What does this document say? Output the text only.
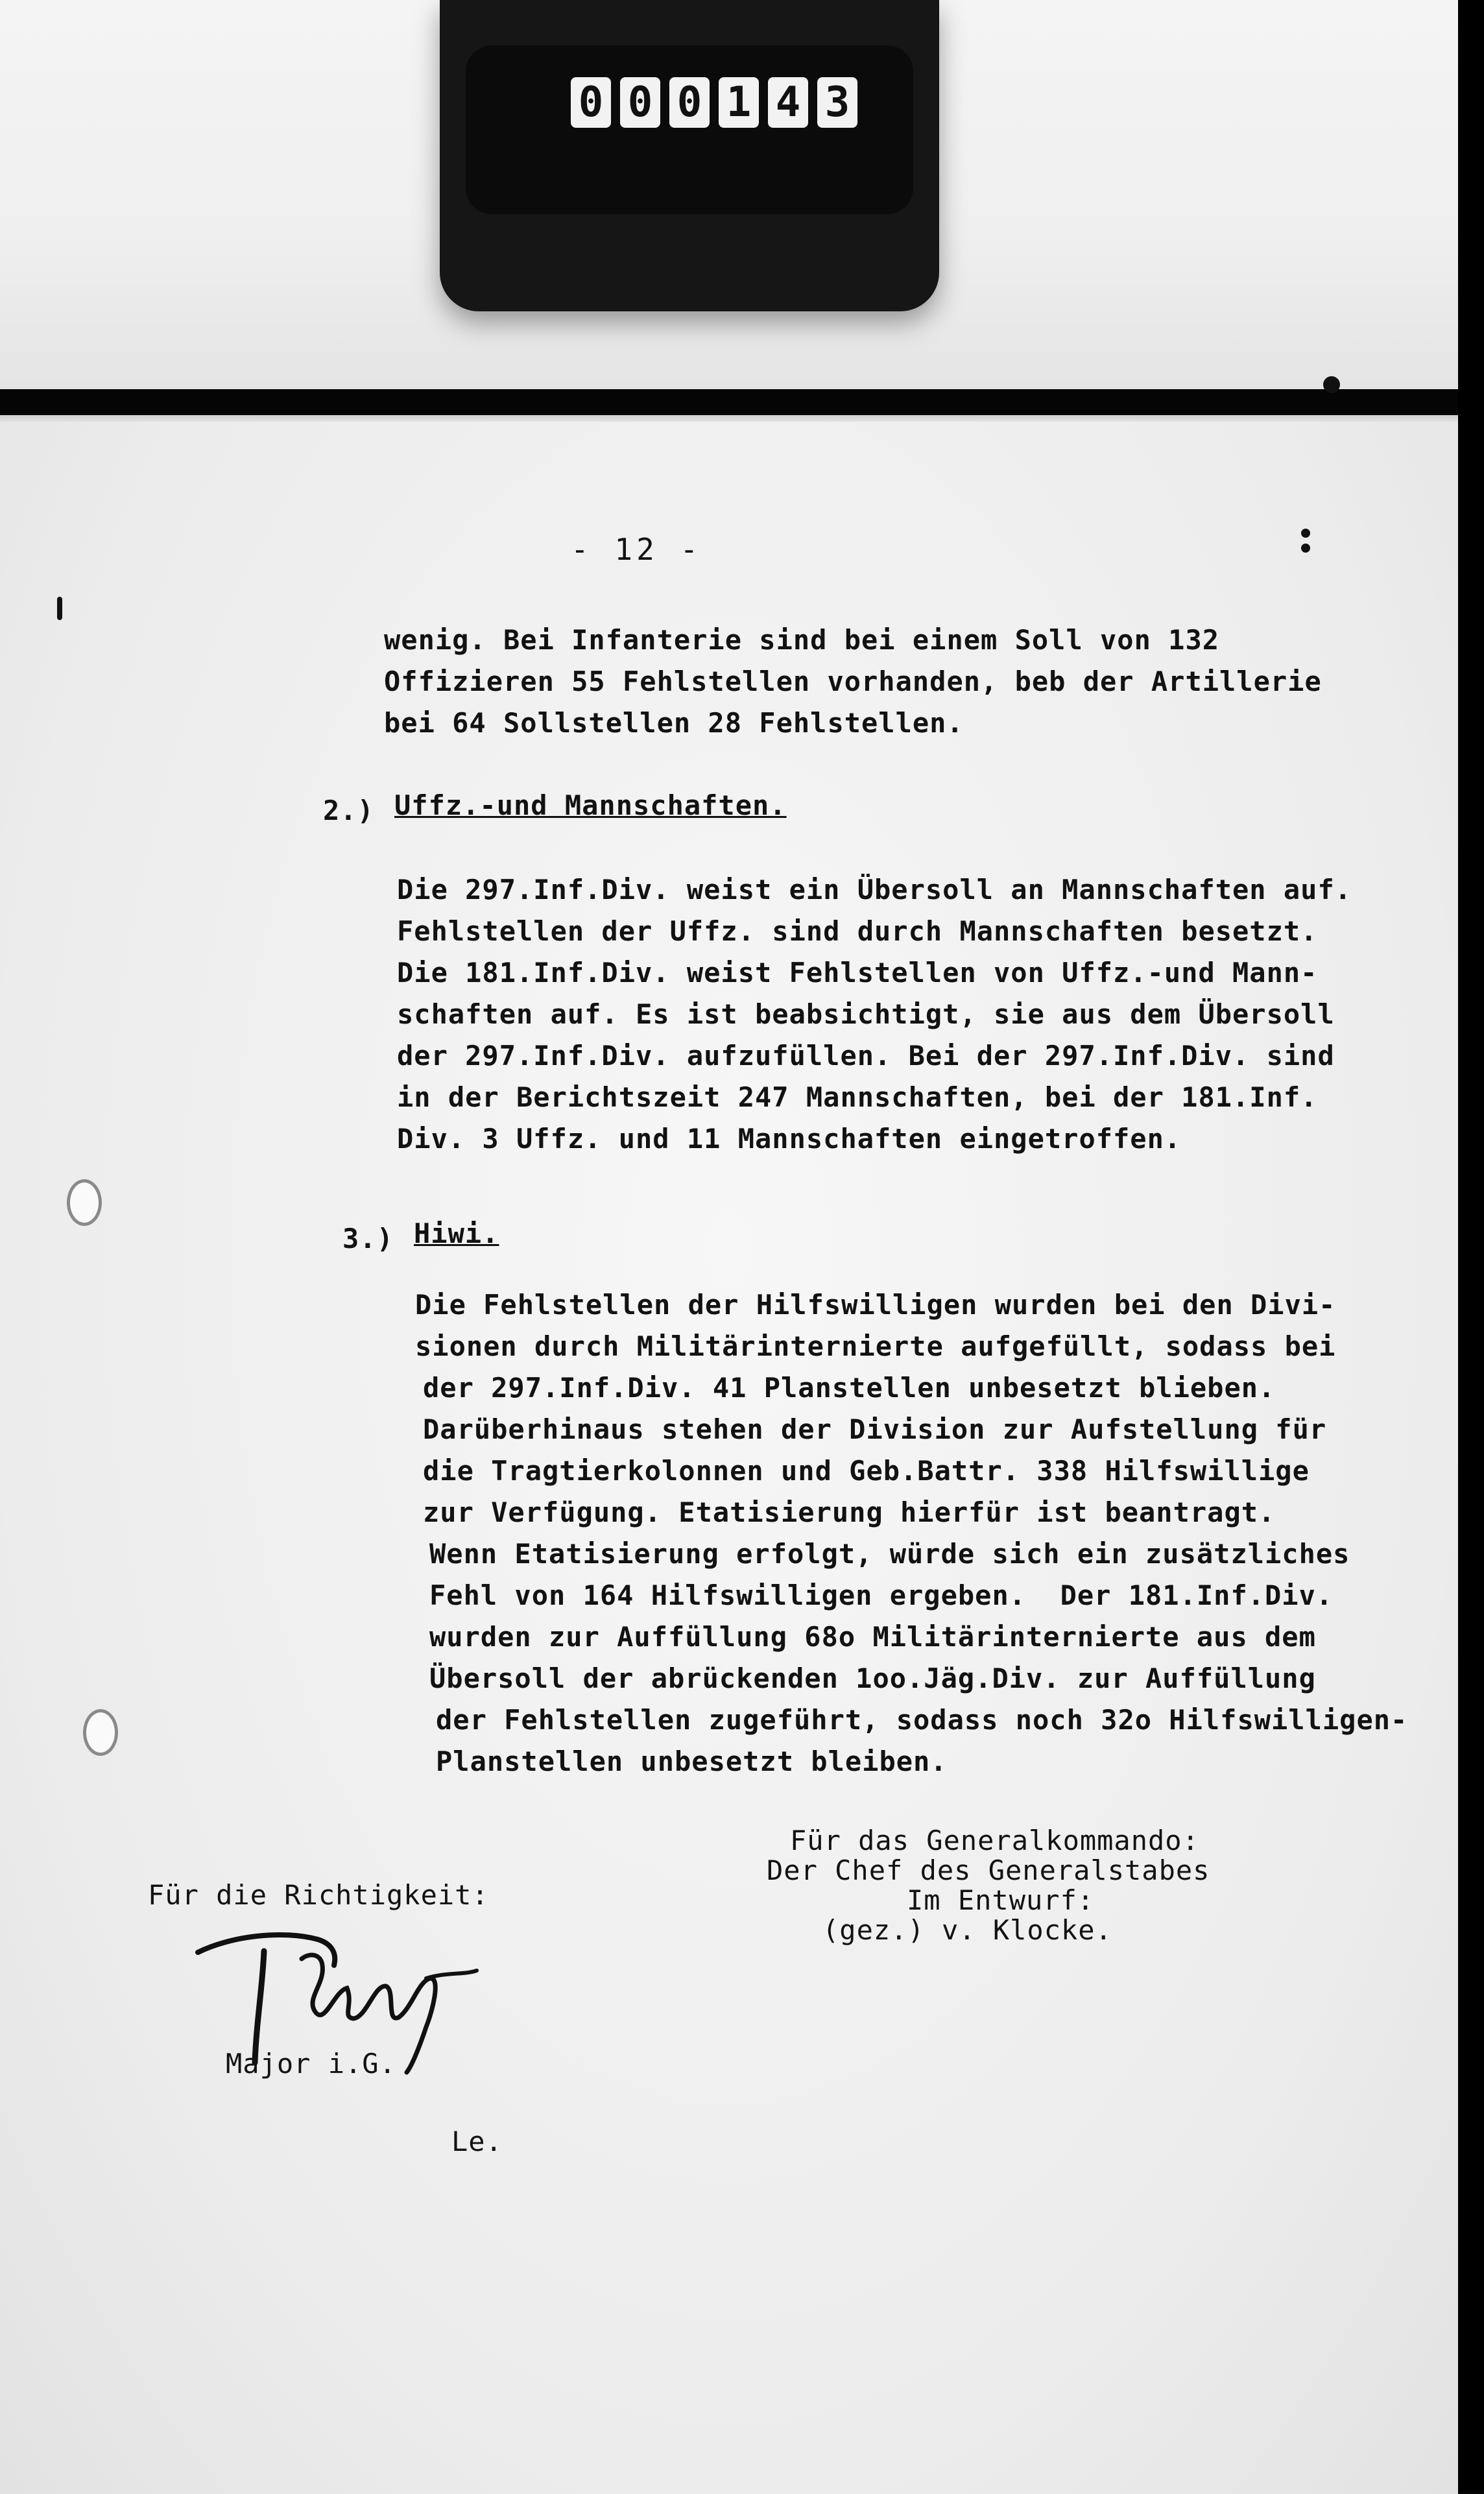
0 0 0 1 4 3
- 12 -
wenig. Bei Infanterie sind bei einem Soll von 132
Offizieren 55 Fehlstellen vorhanden, beb der Artillerie
bei 64 Sollstellen 28 Fehlstellen.
2.) Uffz.-und Mannschaften.
Die 297.Inf.Div. weist ein Übersoll an Mannschaften auf.
Fehlstellen der Uffz. sind durch Mannschaften besetzt.
Die 181.Inf.Div. weist Fehlstellen von Uffz.-und Mann-
schaften auf. Es ist beabsichtigt, sie aus dem Übersoll
der 297.Inf.Div. aufzufüllen. Bei der 297.Inf.Div. sind
in der Berichtszeit 247 Mannschaften, bei der 181.Inf.
Div. 3 Uffz. und 11 Mannschaften eingetroffen.
3.) Hiwi.
Die Fehlstellen der Hilfswilligen wurden bei den Divi-
sionen durch Militärinternierte aufgefüllt, sodass bei
der 297.Inf.Div. 41 Planstellen unbesetzt blieben.
Darüberhinaus stehen der Division zur Aufstellung für
die Tragtierkolonnen und Geb.Battr. 338 Hilfswillige
zur Verfügung. Etatisierung hierfür ist beantragt.
Wenn Etatisierung erfolgt, würde sich ein zusätzliches
Fehl von 164 Hilfswilligen ergeben.  Der 181.Inf.Div.
wurden zur Auffüllung 68o Militärinternierte aus dem
Übersoll der abrückenden 1oo.Jäg.Div. zur Auffüllung
der Fehlstellen zugeführt, sodass noch 32o Hilfswilligen-
Planstellen unbesetzt bleiben.
Für das Generalkommando:
Der Chef des Generalstabes
Im Entwurf:
(gez.) v. Klocke.
Für die Richtigkeit:
Major i.G.
Le.
